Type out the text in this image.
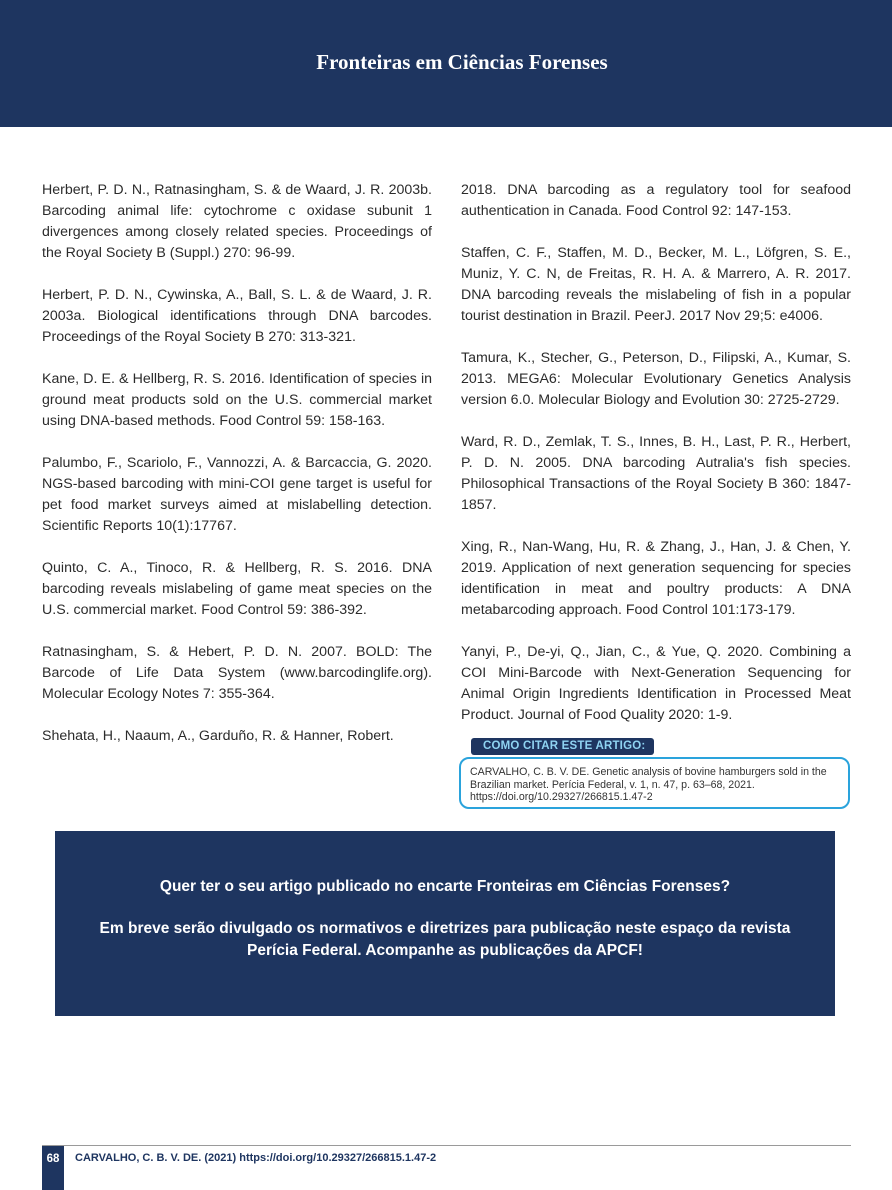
Fronteiras em Ciências Forenses

Herbert, P. D. N., Ratnasingham, S. & de Waard, J. R. 2003b. Barcoding animal life: cytochrome c oxidase subunit 1 divergences among closely related species. Proceedings of the Royal Society B (Suppl.) 270: 96-99.

Herbert, P. D. N., Cywinska, A., Ball, S. L. & de Waard, J. R. 2003a. Biological identifications through DNA barcodes. Proceedings of the Royal Society B 270: 313-321.

Kane, D. E. & Hellberg, R. S. 2016. Identification of species in ground meat products sold on the U.S. commercial market using DNA-based methods. Food Control 59: 158-163.

Palumbo, F., Scariolo, F., Vannozzi, A. & Barcaccia, G. 2020. NGS-based barcoding with mini-COI gene target is useful for pet food market surveys aimed at mislabelling detection. Scientific Reports 10(1):17767.

Quinto, C. A., Tinoco, R. & Hellberg, R. S. 2016. DNA barcoding reveals mislabeling of game meat species on the U.S. commercial market. Food Control 59: 386-392.

Ratnasingham, S. & Hebert, P. D. N. 2007. BOLD: The Barcode of Life Data System (www.barcodinglife.org). Molecular Ecology Notes 7: 355-364.

Shehata, H., Naaum, A., Garduño, R. & Hanner, Robert.

2018. DNA barcoding as a regulatory tool for seafood authentication in Canada. Food Control 92: 147-153.

Staffen, C. F., Staffen, M. D., Becker, M. L., Löfgren, S. E., Muniz, Y. C. N, de Freitas, R. H. A. & Marrero, A. R. 2017. DNA barcoding reveals the mislabeling of fish in a popular tourist destination in Brazil. PeerJ. 2017 Nov 29;5: e4006.

Tamura, K., Stecher, G., Peterson, D., Filipski, A., Kumar, S. 2013. MEGA6: Molecular Evolutionary Genetics Analysis version 6.0. Molecular Biology and Evolution 30: 2725-2729.

Ward, R. D., Zemlak, T. S., Innes, B. H., Last, P. R., Herbert, P. D. N. 2005. DNA barcoding Autralia's fish species. Philosophical Transactions of the Royal Society B 360: 1847-1857.

Xing, R., Nan-Wang, Hu, R. & Zhang, J., Han, J. & Chen, Y. 2019. Application of next generation sequencing for species identification in meat and poultry products: A DNA metabarcoding approach. Food Control 101:173-179.

Yanyi, P., De-yi, Q., Jian, C., & Yue, Q. 2020. Combining a COI Mini-Barcode with Next-Generation Sequencing for Animal Origin Ingredients Identification in Processed Meat Product. Journal of Food Quality 2020: 1-9.

COMO CITAR ESTE ARTIGO:
CARVALHO, C. B. V. DE. Genetic analysis of bovine hamburgers sold in the Brazilian market. Perícia Federal, v. 1, n. 47, p. 63–68, 2021. https://doi.org/10.29327/266815.1.47-2
Quer ter o seu artigo publicado no encarte Fronteiras em Ciências Forenses?
Em breve serão divulgado os normativos e diretrizes para publicação neste espaço da revista Perícia Federal. Acompanhe as publicações da APCF!
68	CARVALHO, C. B. V. DE. (2021) https://doi.org/10.29327/266815.1.47-2
